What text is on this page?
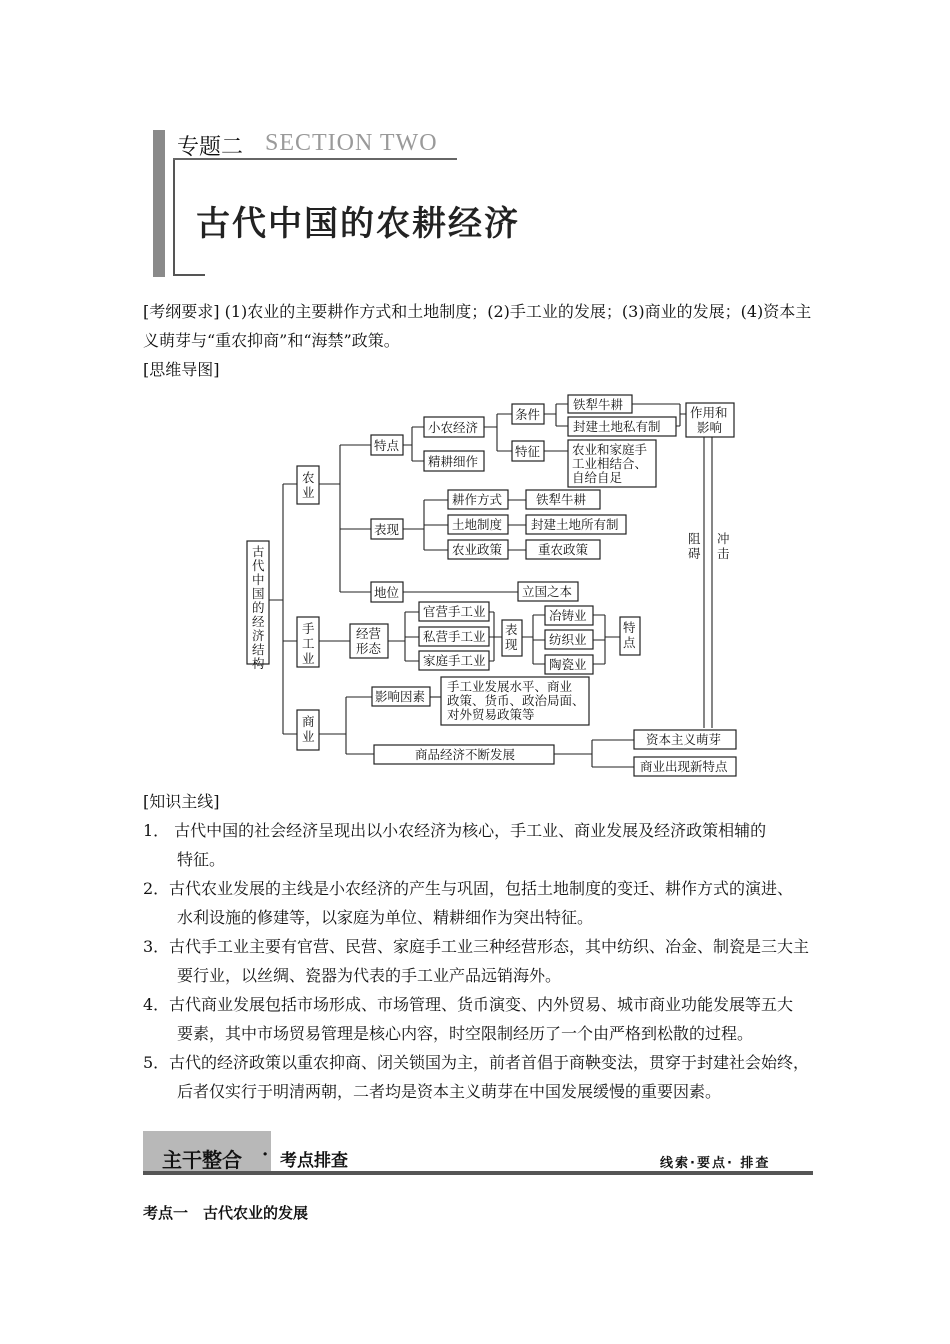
专题二 SECTION TWO
古代中国的农耕经济
[考纲要求] (1)农业的主要耕作方式和土地制度；(2)手工业的发展；(3)商业的发展；(4)资本主义萌芽与“重农抑商”和“海禁”政策。
[思维导图]
古代中国的经济结构
农业
手工业
商业
特点
表现
地位
小农经济
精耕细作
条件
特征
铁犁牛耕
封建土地私有制
农业和家庭手工业相结合、自给自足
作用和影响
耕作方式
土地制度
农业政策
铁犁牛耕
封建土地所有制
重农政策
立国之本
阻碍
冲击
经营形态
官营手工业
私营手工业
家庭手工业
表现
冶铸业
纺织业
陶瓷业
特点
影响因素
手工业发展水平、商业政策、货币、政治局面、对外贸易政策等
商品经济不断发展
资本主义萌芽
商业出现新特点
[知识主线]
1． 古代中国的社会经济呈现出以小农经济为核心，手工业、商业发展及经济政策相辅的
特征。
2．古代农业发展的主线是小农经济的产生与巩固，包括土地制度的变迁、耕作方式的演进、
水利设施的修建等，以家庭为单位、精耕细作为突出特征。
3．古代手工业主要有官营、民营、家庭手工业三种经营形态，其中纺织、冶金、制瓷是三大主
要行业，以丝绸、瓷器为代表的手工业产品远销海外。
4．古代商业发展包括市场形成、市场管理、货币演变、内外贸易、城市商业功能发展等五大
要素，其中市场贸易管理是核心内容，时空限制经历了一个由严格到松散的过程。
5．古代的经济政策以重农抑商、闭关锁国为主，前者首倡于商鞅变法，贯穿于封建社会始终，
后者仅实行于明清两朝，二者均是资本主义萌芽在中国发展缓慢的重要因素。
主干整合 · 考点排查	线索·要点· 排查
考点一　古代农业的发展
